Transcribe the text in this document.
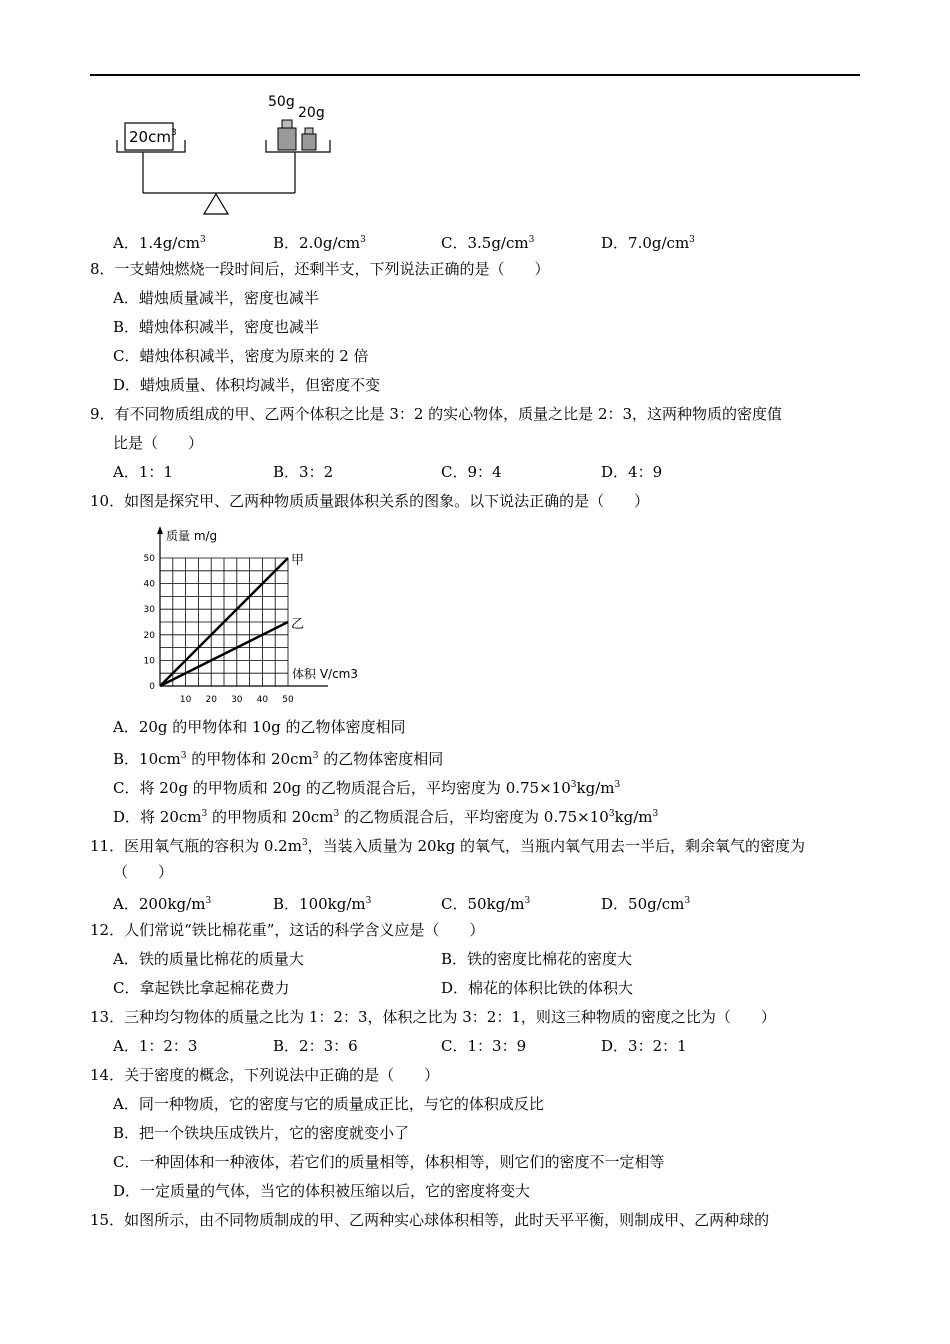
$20cm^3$
50g
20g
A．$1.4g/cm^3$	B．$2.0g/cm^3$	C．$3.5g/cm^3$	D．$7.0g/cm^3$
8．一支蜡烛燃烧一段时间后，还剩半支，下列说法正确的是（　　）
A．蜡烛质量减半，密度也减半
B．蜡烛体积减半，密度也减半
C．蜡烛体积减半，密度为原来的 2 倍
D．蜡烛质量、体积均减半，但密度不变
9．有不同物质组成的甲、乙两个体积之比是 3：2 的实心物体，质量之比是 2：3，这两种物质的密度值
比是（　　）
A．1：1	B．3：2	C．9：4	D．4：9
10．如图是探究甲、乙两种物质质量跟体积关系的图象。以下说法正确的是（　　）
甲
乙
10 20 30 40 50
0
10
20
30
40
50
质量 m/g
体积 V/cm3
A．20g 的甲物体和 10g 的乙物体密度相同
B．$10cm^3$ 的甲物体和 $20cm^3$ 的乙物体密度相同
C．将 20g 的甲物质和 20g 的乙物质混合后，平均密度为 $0.75\times 10^3kg/m^3$
D．将 $20cm^3$ 的甲物质和 $20cm^3$ 的乙物质混合后，平均密度为 $0.75\times 10^3kg/m^3$
11．医用氧气瓶的容积为 $0.2m^3$，当装入质量为 20kg 的氧气，当瓶内氧气用去一半后，剩余氧气的密度为
（　　）
A．$200kg/m^3$	B．$100kg/m^3$	C．$50kg/m^3$	D．$50g/cm^3$
12．人们常说“铁比棉花重”，这话的科学含义应是（　　）
A．铁的质量比棉花的质量大	B．铁的密度比棉花的密度大
C．拿起铁比拿起棉花费力	D．棉花的体积比铁的体积大
13．三种均匀物体的质量之比为 1：2：3，体积之比为 3：2：1，则这三种物质的密度之比为（　　）
A．1：2：3	B．2：3：6	C．1：3：9	D．3：2：1
14．关于密度的概念，下列说法中正确的是（　　）
A．同一种物质，它的密度与它的质量成正比，与它的体积成反比
B．把一个铁块压成铁片，它的密度就变小了
C．一种固体和一种液体，若它们的质量相等，体积相等，则它们的密度不一定相等
D．一定质量的气体，当它的体积被压缩以后，它的密度将变大
15．如图所示，由不同物质制成的甲、乙两种实心球体积相等，此时天平平衡，则制成甲、乙两种球的
